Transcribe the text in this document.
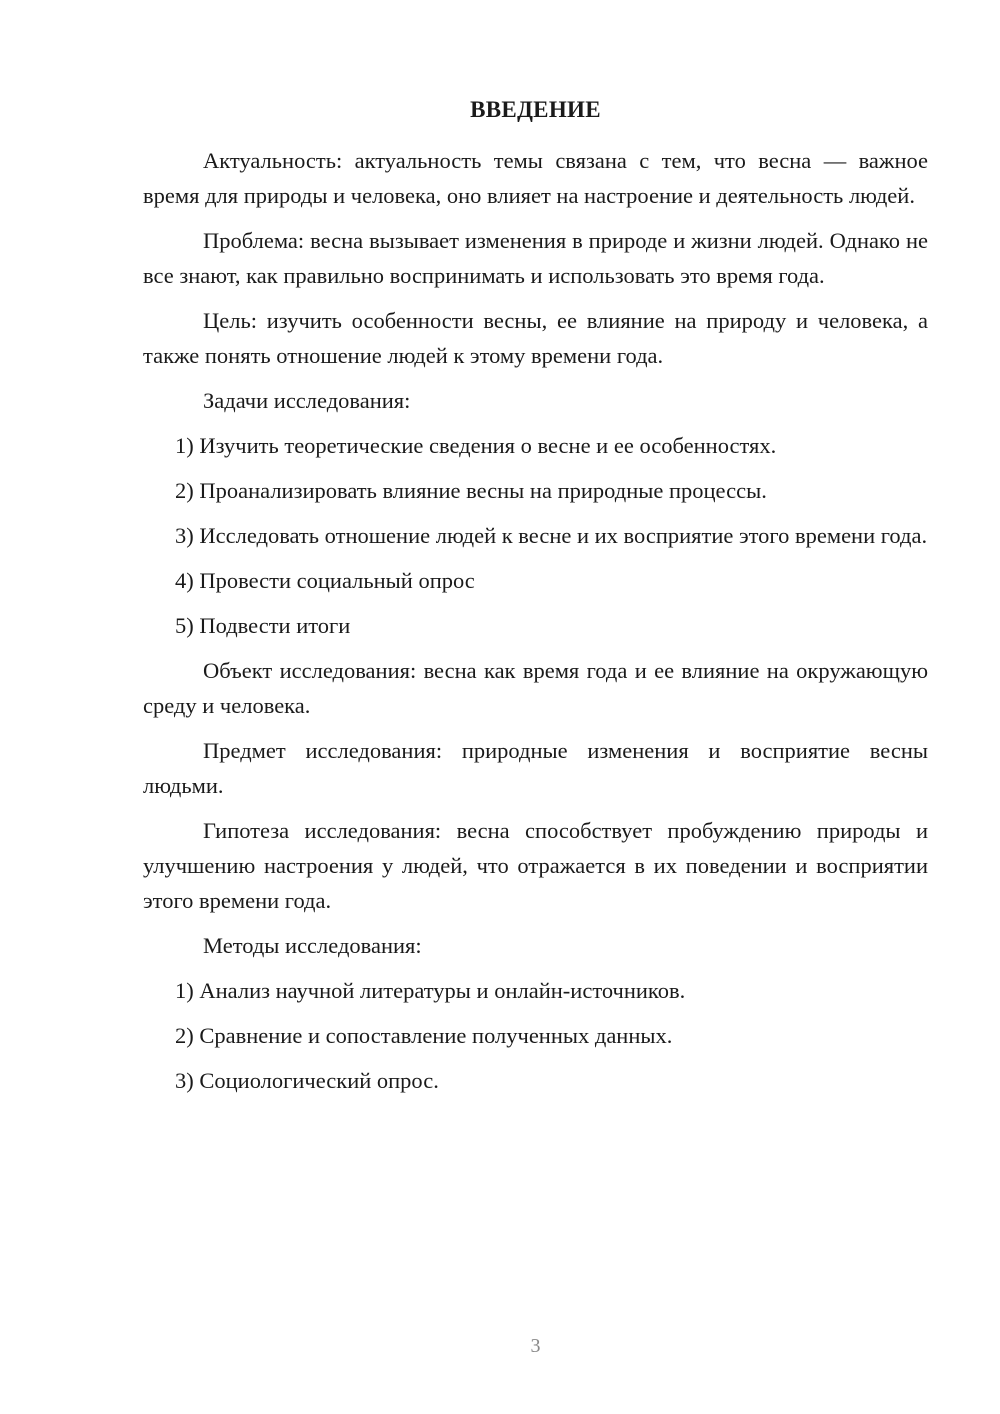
ВВЕДЕНИЕ

Актуальность: актуальность темы связана с тем, что весна — важное время для природы и человека, оно влияет на настроение и деятельность людей.

Проблема: весна вызывает изменения в природе и жизни людей. Однако не все знают, как правильно воспринимать и использовать это время года.

Цель: изучить особенности весны, ее влияние на природу и человека, а также понять отношение людей к этому времени года.

Задачи исследования:

1) Изучить теоретические сведения о весне и ее особенностях.

2) Проанализировать влияние весны на природные процессы.

3) Исследовать отношение людей к весне и их восприятие этого времени года.

4) Провести социальный опрос

5) Подвести итоги

Объект исследования: весна как время года и ее влияние на окружающую среду и человека.

Предмет исследования: природные изменения и восприятие весны людьми.

Гипотеза исследования: весна способствует пробуждению природы и улучшению настроения у людей, что отражается в их поведении и восприятии этого времени года.

Методы исследования:

1) Анализ научной литературы и онлайн-источников.

2) Сравнение и сопоставление полученных данных.

3) Социологический опрос.

3
